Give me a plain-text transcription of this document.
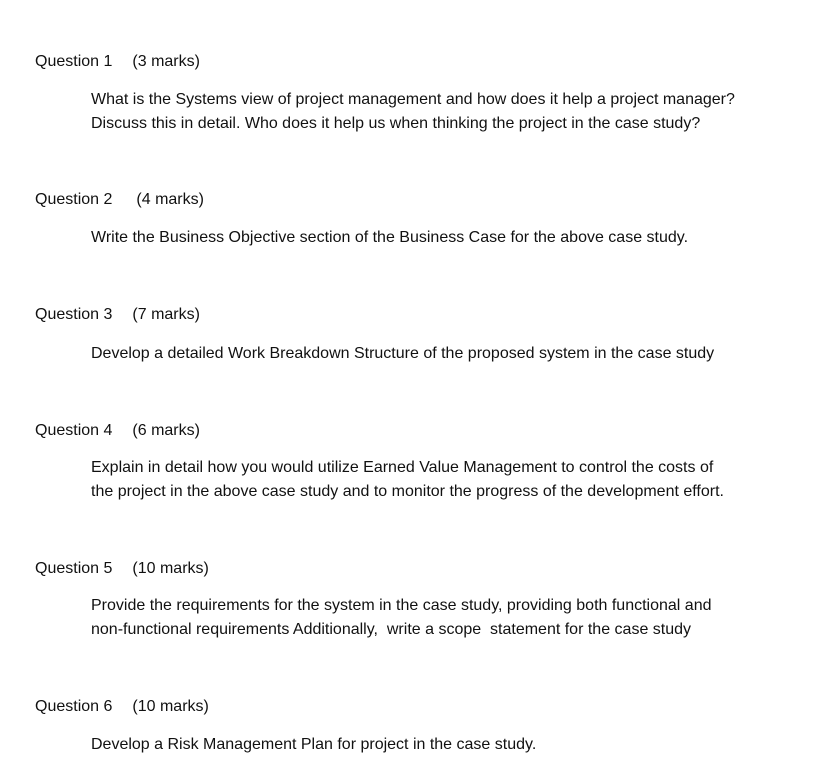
Question 1 (3 marks)
What is the Systems view of project management and how does it help a project manager?
Discuss this in detail. Who does it help us when thinking the project in the case study?
Question 2 (4 marks)
Write the Business Objective section of the Business Case for the above case study.
Question 3 (7 marks)
Develop a detailed Work Breakdown Structure of the proposed system in the case study
Question 4 (6 marks)
Explain in detail how you would utilize Earned Value Management to control the costs of
the project in the above case study and to monitor the progress of the development effort.
Question 5 (10 marks)
Provide the requirements for the system in the case study, providing both functional and
non-functional requirements Additionally,  write a scope  statement for the case study
Question 6 (10 marks)
Develop a Risk Management Plan for project in the case study.
